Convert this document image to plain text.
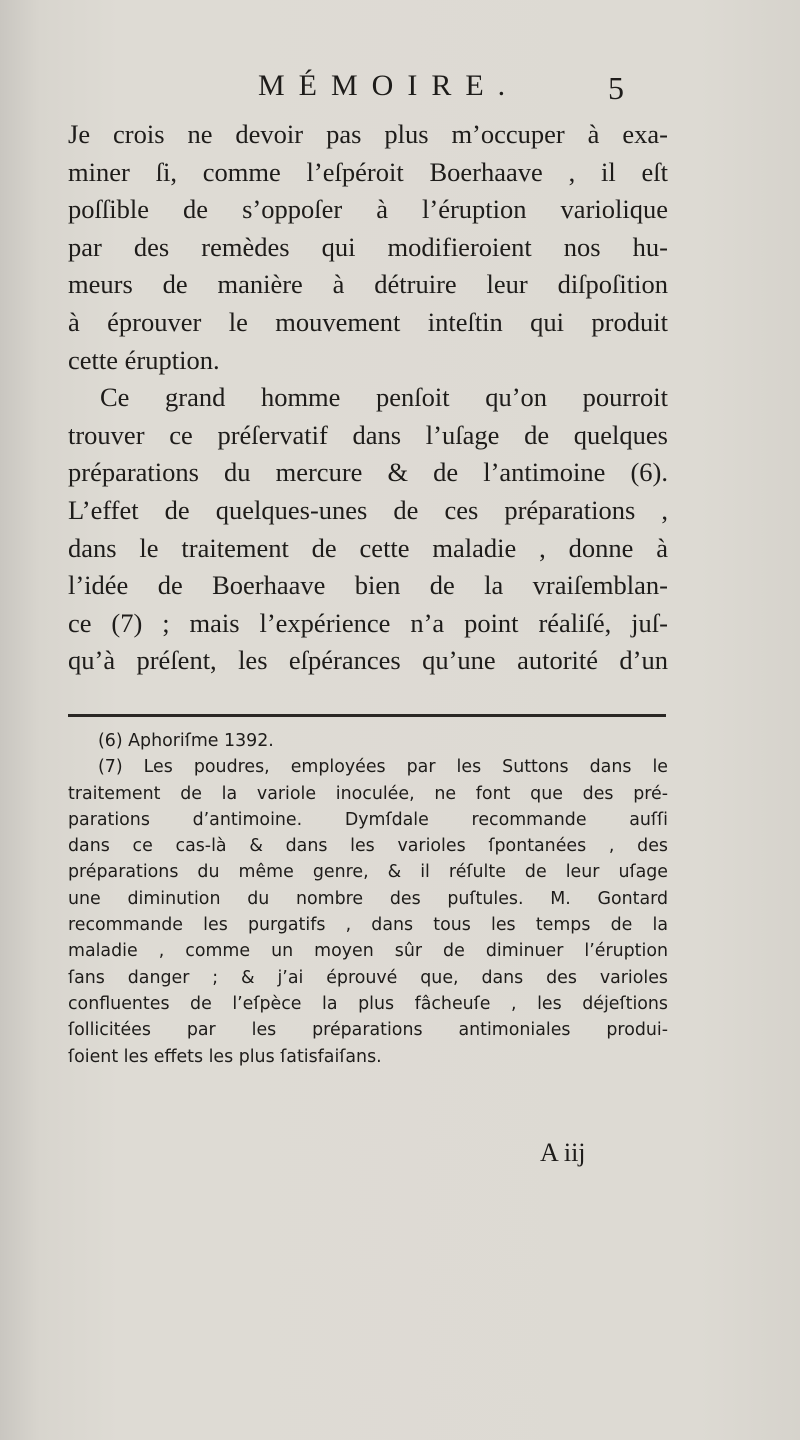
MÉMOIRE.	5
Je crois ne devoir pas plus m’occuper à exa-
miner ſi, comme l’eſpéroit Boerhaave , il eſt
poſſible de s’oppoſer à l’éruption variolique
par des remèdes qui modifieroient nos hu-
meurs de manière à détruire leur diſpoſition
à éprouver le mouvement inteſtin qui produit
cette éruption.
Ce grand homme penſoit qu’on pourroit
trouver ce préſervatif dans l’uſage de quelques
préparations du mercure & de l’antimoine (6).
L’effet de quelques-unes de ces préparations ,
dans le traitement de cette maladie , donne à
l’idée de Boerhaave bien de la vraiſemblan-
ce (7) ; mais l’expérience n’a point réaliſé, juſ-
qu’à préſent, les eſpérances qu’une autorité d’un
(6) Aphoriſme 1392.
(7) Les poudres, employées par les Suttons dans le
traitement de la variole inoculée, ne font que des pré-
parations d’antimoine. Dymſdale recommande auſſi
dans ce cas-là & dans les varioles ſpontanées , des
préparations du même genre, & il réſulte de leur uſage
une diminution du nombre des puſtules. M. Gontard
recommande les purgatifs , dans tous les temps de la
maladie , comme un moyen sûr de diminuer l’éruption
ſans danger ; & j’ai éprouvé que, dans des varioles
confluentes de l’eſpèce la plus fâcheuſe , les déjeſtions
ſollicitées par les préparations antimoniales produi-
ſoient les effets les plus ſatisfaiſans.
A iij
